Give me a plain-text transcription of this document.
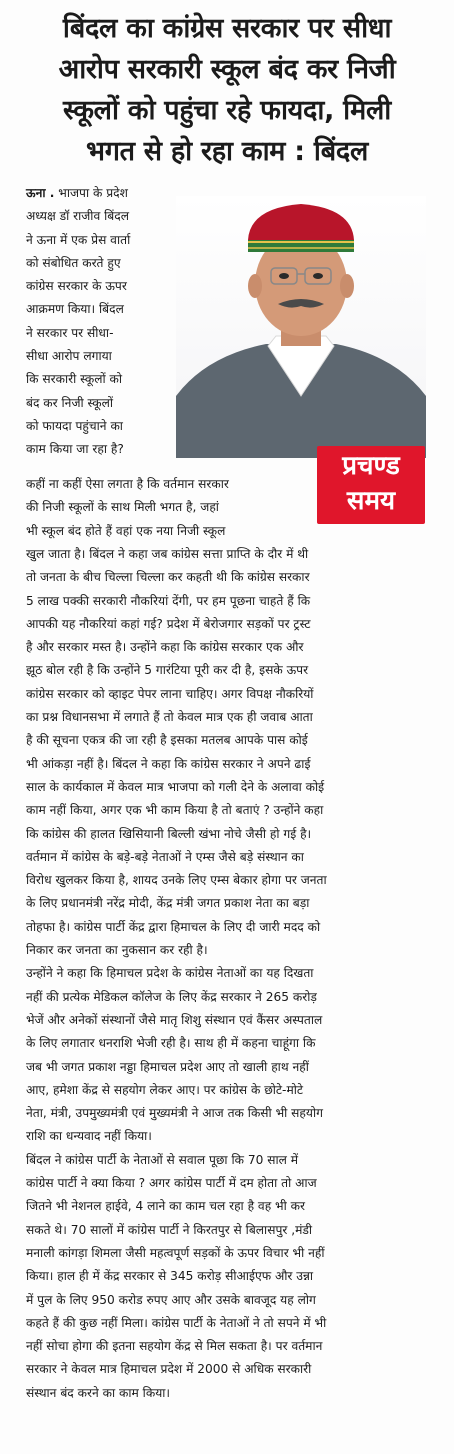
बिंदल का कांग्रेस सरकार पर सीधा
आरोप सरकारी स्कूल बंद कर निजी
स्कूलों को पहुंचा रहे फायदा, मिली
भगत से हो रहा काम : बिंदल
ऊना . भाजपा के प्रदेश
अध्यक्ष डॉ राजीव बिंदल
ने ऊना में एक प्रेस वार्ता
को संबोधित करते हुए
कांग्रेस सरकार के ऊपर
आक्रमण किया। बिंदल
ने सरकार पर सीधा-
सीधा आरोप लगाया
कि सरकारी स्कूलों को
बंद कर निजी स्कूलों
को फायदा पहुंचाने का
काम किया जा रहा है?
प्रचण्ड
समय
कहीं ना कहीं ऐसा लगता है कि वर्तमान सरकार
की निजी स्कूलों के साथ मिली भगत है, जहां
भी स्कूल बंद होते हैं वहां एक नया निजी स्कूल
खुल जाता है। बिंदल ने कहा जब कांग्रेस सत्ता प्राप्ति के दौर में थी
तो जनता के बीच चिल्ला चिल्ला कर कहती थी कि कांग्रेस सरकार
5 लाख पक्की सरकारी नौकरियां देंगी, पर हम पूछना चाहते हैं कि
आपकी यह नौकरियां कहां गई? प्रदेश में बेरोजगार सड़कों पर ट्रस्ट
है और सरकार मस्त है। उन्होंने कहा कि कांग्रेस सरकार एक और
झूठ बोल रही है कि उन्होंने 5 गारंटिया पूरी कर दी है, इसके ऊपर
कांग्रेस सरकार को व्हाइट पेपर लाना चाहिए। अगर विपक्ष नौकरियों
का प्रश्न विधानसभा में लगाते हैं तो केवल मात्र एक ही जवाब आता
है की सूचना एकत्र की जा रही है इसका मतलब आपके पास कोई
भी आंकड़ा नहीं है। बिंदल ने कहा कि कांग्रेस सरकार ने अपने ढाई
साल के कार्यकाल में केवल मात्र भाजपा को गली देने के अलावा कोई
काम नहीं किया, अगर एक भी काम किया है तो बताएं ? उन्होंने कहा
कि कांग्रेस की हालत खिसियानी बिल्ली खंभा नोचे जैसी हो गई है।
वर्तमान में कांग्रेस के बड़े-बड़े नेताओं ने एम्स जैसे बड़े संस्थान का
विरोध खुलकर किया है, शायद उनके लिए एम्स बेकार होगा पर जनता
के लिए प्रधानमंत्री नरेंद्र मोदी, केंद्र मंत्री जगत प्रकाश नेता का बड़ा
तोहफा है। कांग्रेस पार्टी केंद्र द्वारा हिमाचल के लिए दी जारी मदद को
निकार कर जनता का नुकसान कर रही है।
उन्होंने ने कहा कि हिमाचल प्रदेश के कांग्रेस नेताओं का यह दिखता
नहीं की प्रत्येक मेडिकल कॉलेज के लिए केंद्र सरकार ने 265 करोड़
भेजें और अनेकों संस्थानों जैसे मातृ शिशु संस्थान एवं कैंसर अस्पताल
के लिए लगातार धनराशि भेजी रही है। साथ ही में कहना चाहूंगा कि
जब भी जगत प्रकाश नड्डा हिमाचल प्रदेश आए तो खाली हाथ नहीं
आए, हमेशा केंद्र से सहयोग लेकर आए। पर कांग्रेस के छोटे-मोटे
नेता, मंत्री, उपमुख्यमंत्री एवं मुख्यमंत्री ने आज तक किसी भी सहयोग
राशि का धन्यवाद नहीं किया।
बिंदल ने कांग्रेस पार्टी के नेताओं से सवाल पूछा कि 70 साल में
कांग्रेस पार्टी ने क्या किया ? अगर कांग्रेस पार्टी में दम होता तो आज
जितने भी नेशनल हाईवे, 4 लाने का काम चल रहा है वह भी कर
सकते थे। 70 सालों में कांग्रेस पार्टी ने किरतपुर से बिलासपुर ,मंडी
मनाली कांगड़ा शिमला जैसी महत्वपूर्ण सड़कों के ऊपर विचार भी नहीं
किया। हाल ही में केंद्र सरकार से 345 करोड़ सीआईएफ और उन्ना
में पुल के लिए 950 करोड रुपए आए और उसके बावजूद यह लोग
कहते हैं की कुछ नहीं मिला। कांग्रेस पार्टी के नेताओं ने तो सपने में भी
नहीं सोचा होगा की इतना सहयोग केंद्र से मिल सकता है। पर वर्तमान
सरकार ने केवल मात्र हिमाचल प्रदेश में 2000 से अधिक सरकारी
संस्थान बंद करने का काम किया।
